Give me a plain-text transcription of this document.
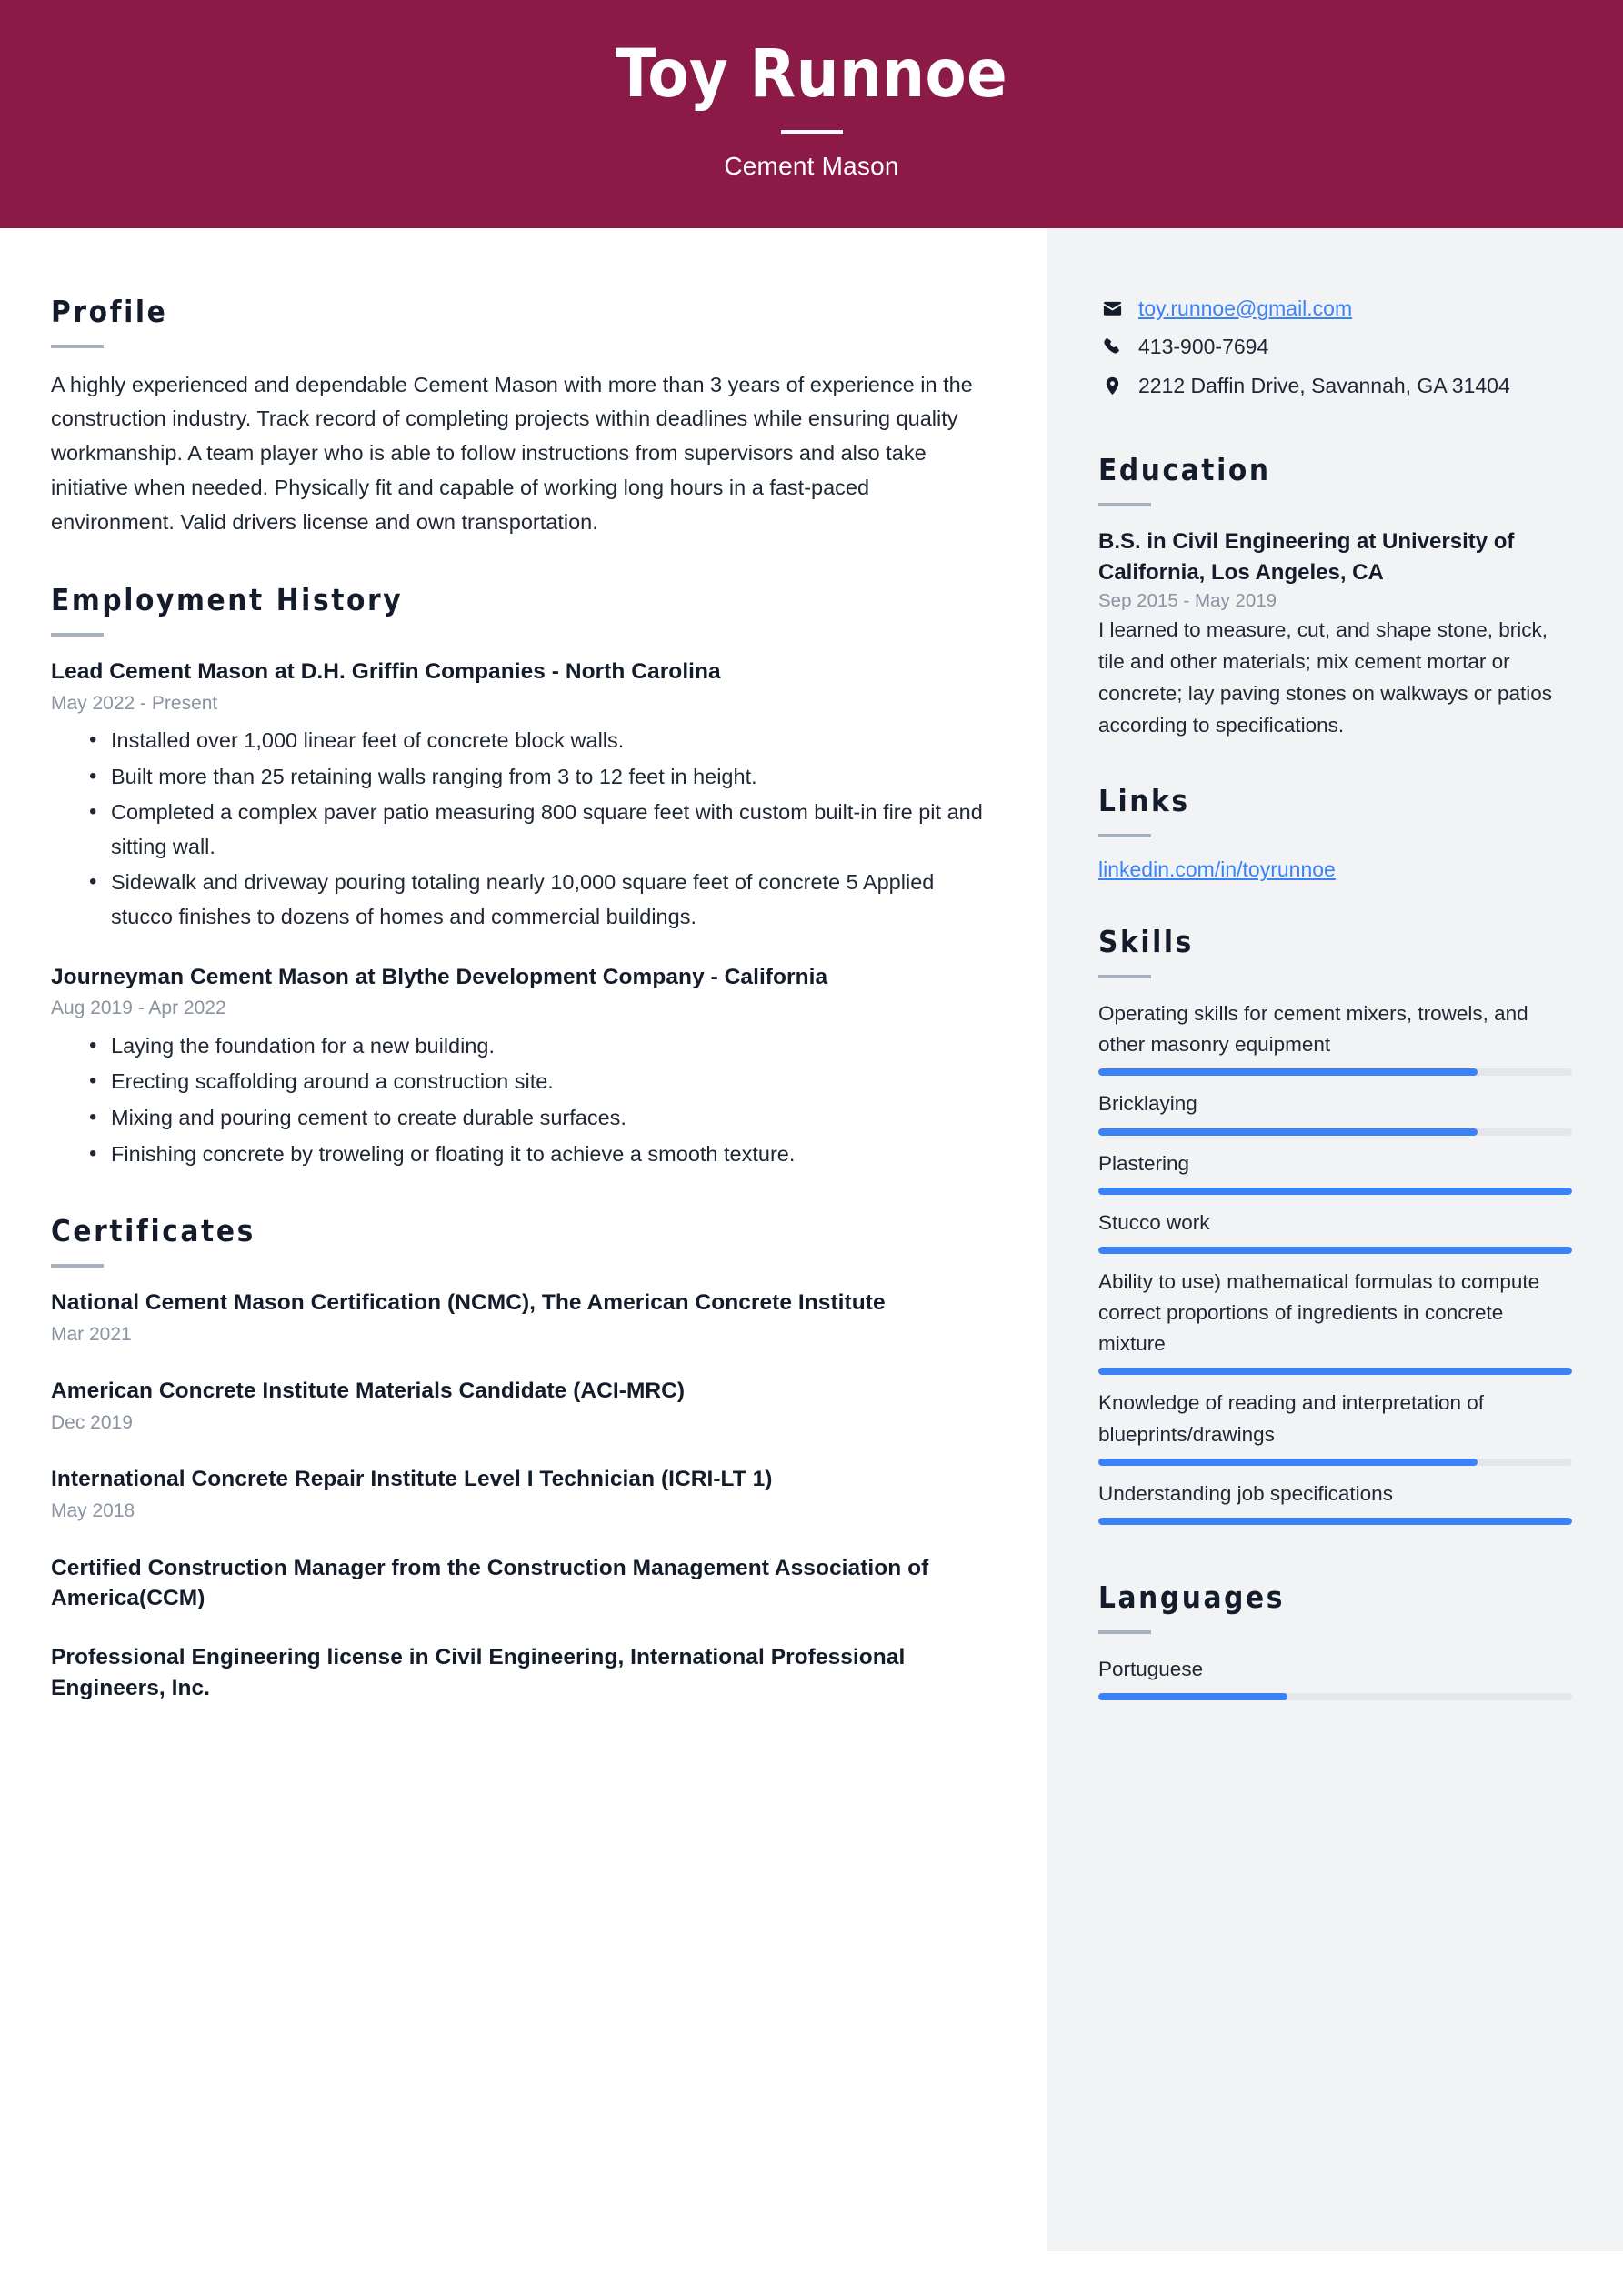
Toy Runnoe
Cement Mason
Profile
A highly experienced and dependable Cement Mason with more than 3 years of experience in the construction industry. Track record of completing projects within deadlines while ensuring quality workmanship. A team player who is able to follow instructions from supervisors and also take initiative when needed. Physically fit and capable of working long hours in a fast-paced environment. Valid drivers license and own transportation.
Employment History
Lead Cement Mason at D.H. Griffin Companies - North Carolina
May 2022 - Present
• Installed over 1,000 linear feet of concrete block walls.
• Built more than 25 retaining walls ranging from 3 to 12 feet in height.
• Completed a complex paver patio measuring 800 square feet with custom built-in fire pit and sitting wall.
• Sidewalk and driveway pouring totaling nearly 10,000 square feet of concrete 5 Applied stucco finishes to dozens of homes and commercial buildings.
Journeyman Cement Mason at Blythe Development Company - California
Aug 2019 - Apr 2022
• Laying the foundation for a new building.
• Erecting scaffolding around a construction site.
• Mixing and pouring cement to create durable surfaces.
• Finishing concrete by troweling or floating it to achieve a smooth texture.
Certificates
National Cement Mason Certification (NCMC), The American Concrete Institute
Mar 2021
American Concrete Institute Materials Candidate (ACI-MRC)
Dec 2019
International Concrete Repair Institute Level I Technician (ICRI-LT 1)
May 2018
Certified Construction Manager from the Construction Management Association of America(CCM)
Professional Engineering license in Civil Engineering, International Professional Engineers, Inc.
toy.runnoe@gmail.com
413-900-7694
2212 Daffin Drive, Savannah, GA 31404
Education
B.S. in Civil Engineering at University of California, Los Angeles, CA
Sep 2015 - May 2019
I learned to measure, cut, and shape stone, brick, tile and other materials; mix cement mortar or concrete; lay paving stones on walkways or patios according to specifications.
Links
linkedin.com/in/toyrunnoe
Skills
Operating skills for cement mixers, trowels, and other masonry equipment
Bricklaying
Plastering
Stucco work
Ability to use) mathematical formulas to compute correct proportions of ingredients in concrete mixture
Knowledge of reading and interpretation of blueprints/drawings
Understanding job specifications
Languages
Portuguese
